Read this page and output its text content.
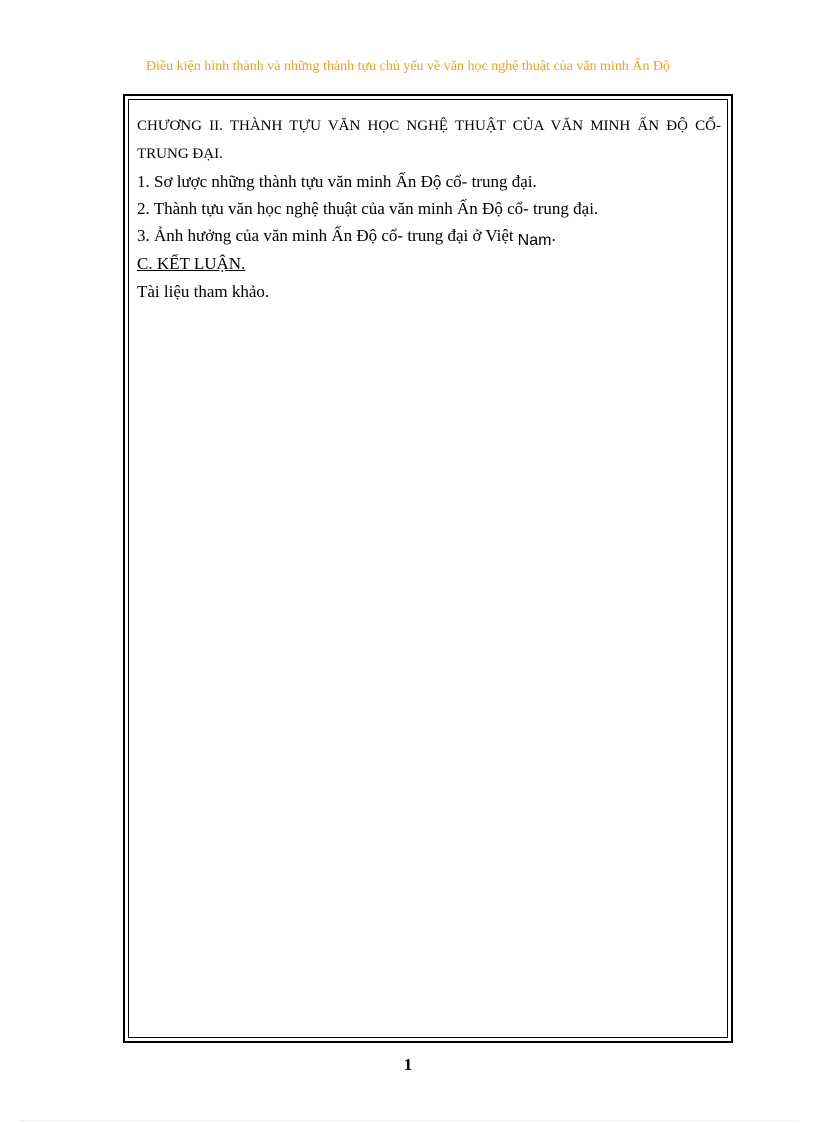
Điều kiện hình thành và những thành tựu chủ yếu về văn học nghệ thuật của văn minh Ấn Độ

CHƯƠNG II. THÀNH TỰU VĂN HỌC NGHỆ THUẬT CỦA VĂN MINH ẤN ĐỘ CỔ- TRUNG ĐẠI.

1. Sơ lược những thành tựu văn minh Ấn Độ cổ- trung đại.

2. Thành tựu văn học nghệ thuật của văn minh Ấn Độ cổ- trung đại.

3. Ảnh hưởng của văn minh Ấn Độ cổ- trung đại ở Việt Nam.

C. KẾT LUẬN.

Tài liệu tham khảo.

1
